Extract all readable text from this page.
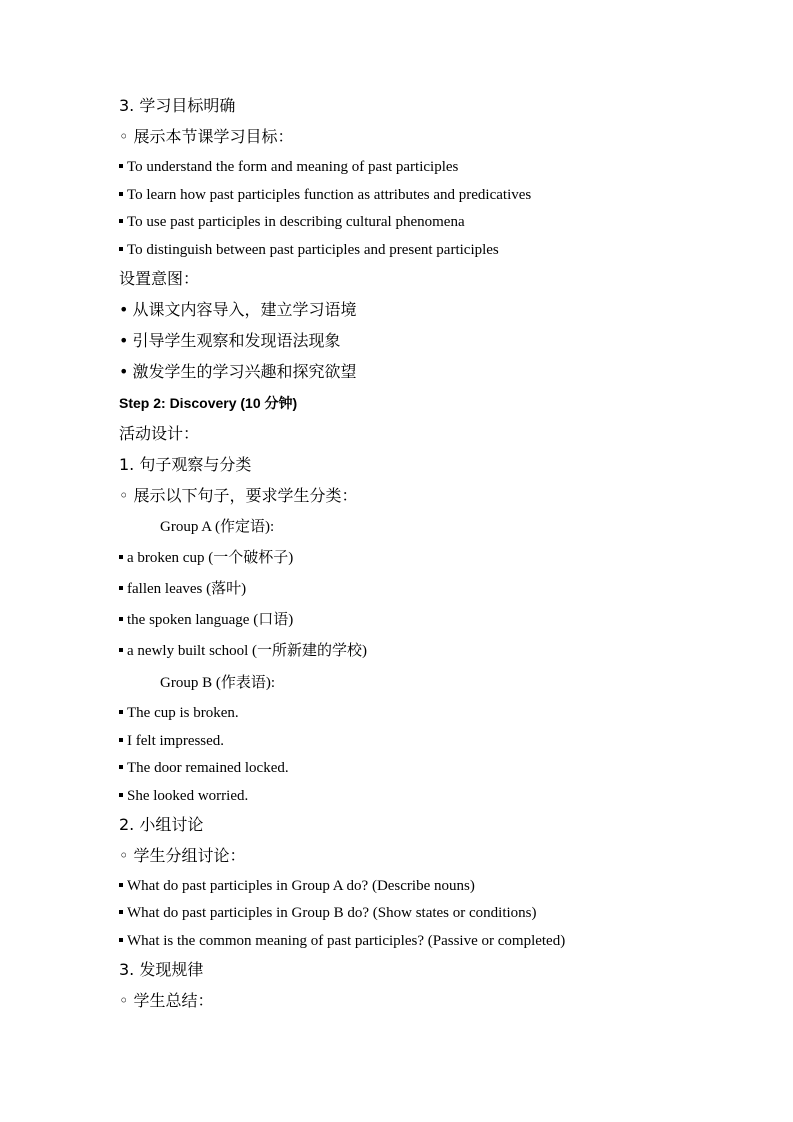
3. 学习目标明确
◦ 展示本节课学习目标：
To understand the form and meaning of past participles
To learn how past participles function as attributes and predicatives
To use past participles in describing cultural phenomena
To distinguish between past participles and present participles
设置意图：
• 从课文内容导入，建立学习语境
• 引导学生观察和发现语法现象
• 激发学生的学习兴趣和探究欲望
Step 2: Discovery (10 分钟)
活动设计：
1. 句子观察与分类
◦ 展示以下句子，要求学生分类：
Group A (作定语):
a broken cup (一个破杯子)
fallen leaves (落叶)
the spoken language (口语)
a newly built school (一所新建的学校)
Group B (作表语):
The cup is broken.
I felt impressed.
The door remained locked.
She looked worried.
2. 小组讨论
◦ 学生分组讨论：
What do past participles in Group A do? (Describe nouns)
What do past participles in Group B do? (Show states or conditions)
What is the common meaning of past participles? (Passive or completed)
3. 发现规律
◦ 学生总结：
